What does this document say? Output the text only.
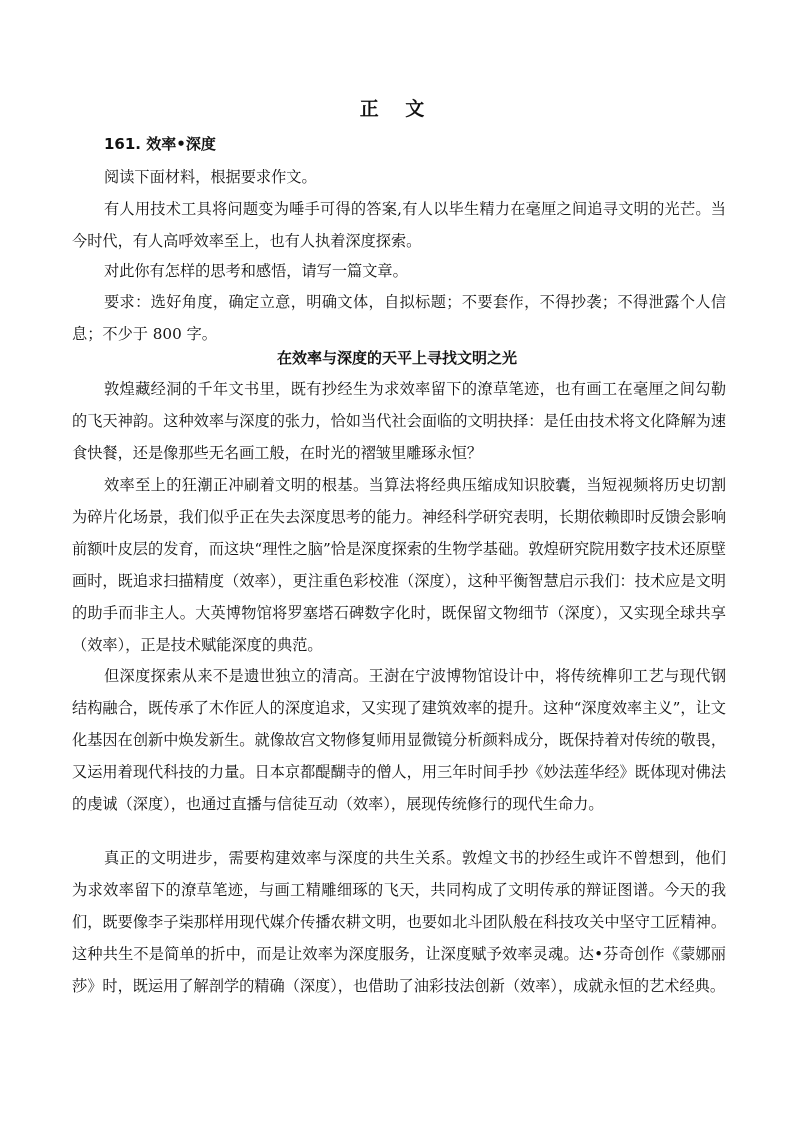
正 文
161. 效率•深度

阅读下面材料，根据要求作文。

有人用技术工具将问题变为唾手可得的答案,有人以毕生精力在毫厘之间追寻文明的光芒。当今时代，有人高呼效率至上，也有人执着深度探索。

对此你有怎样的思考和感悟，请写一篇文章。

要求：选好角度，确定立意，明确文体，自拟标题；不要套作，不得抄袭；不得泄露个人信息；不少于 800 字。

在效率与深度的天平上寻找文明之光

敦煌藏经洞的千年文书里，既有抄经生为求效率留下的潦草笔迹，也有画工在毫厘之间勾勒的飞天神韵。这种效率与深度的张力，恰如当代社会面临的文明抉择：是任由技术将文化降解为速食快餐，还是像那些无名画工般，在时光的褶皱里雕琢永恒？

效率至上的狂潮正冲刷着文明的根基。当算法将经典压缩成知识胶囊，当短视频将历史切割为碎片化场景，我们似乎正在失去深度思考的能力。神经科学研究表明，长期依赖即时反馈会影响前额叶皮层的发育，而这块“理性之脑”恰是深度探索的生物学基础。敦煌研究院用数字技术还原壁画时，既追求扫描精度（效率），更注重色彩校准（深度），这种平衡智慧启示我们：技术应是文明的助手而非主人。大英博物馆将罗塞塔石碑数字化时，既保留文物细节（深度），又实现全球共享（效率），正是技术赋能深度的典范。

但深度探索从来不是遗世独立的清高。王澍在宁波博物馆设计中，将传统榫卯工艺与现代钢结构融合，既传承了木作匠人的深度追求，又实现了建筑效率的提升。这种“深度效率主义”，让文化基因在创新中焕发新生。就像故宫文物修复师用显微镜分析颜料成分，既保持着对传统的敬畏，又运用着现代科技的力量。日本京都醍醐寺的僧人，用三年时间手抄《妙法莲华经》既体现对佛法的虔诚（深度），也通过直播与信徒互动（效率），展现传统修行的现代生命力。

真正的文明进步，需要构建效率与深度的共生关系。敦煌文书的抄经生或许不曾想到，他们为求效率留下的潦草笔迹，与画工精雕细琢的飞天，共同构成了文明传承的辩证图谱。今天的我们，既要像李子柒那样用现代媒介传播农耕文明，也要如北斗团队般在科技攻关中坚守工匠精神。这种共生不是简单的折中，而是让效率为深度服务，让深度赋予效率灵魂。达•芬奇创作《蒙娜丽莎》时，既运用了解剖学的精确（深度），也借助了油彩技法创新（效率），成就永恒的艺术经典。
